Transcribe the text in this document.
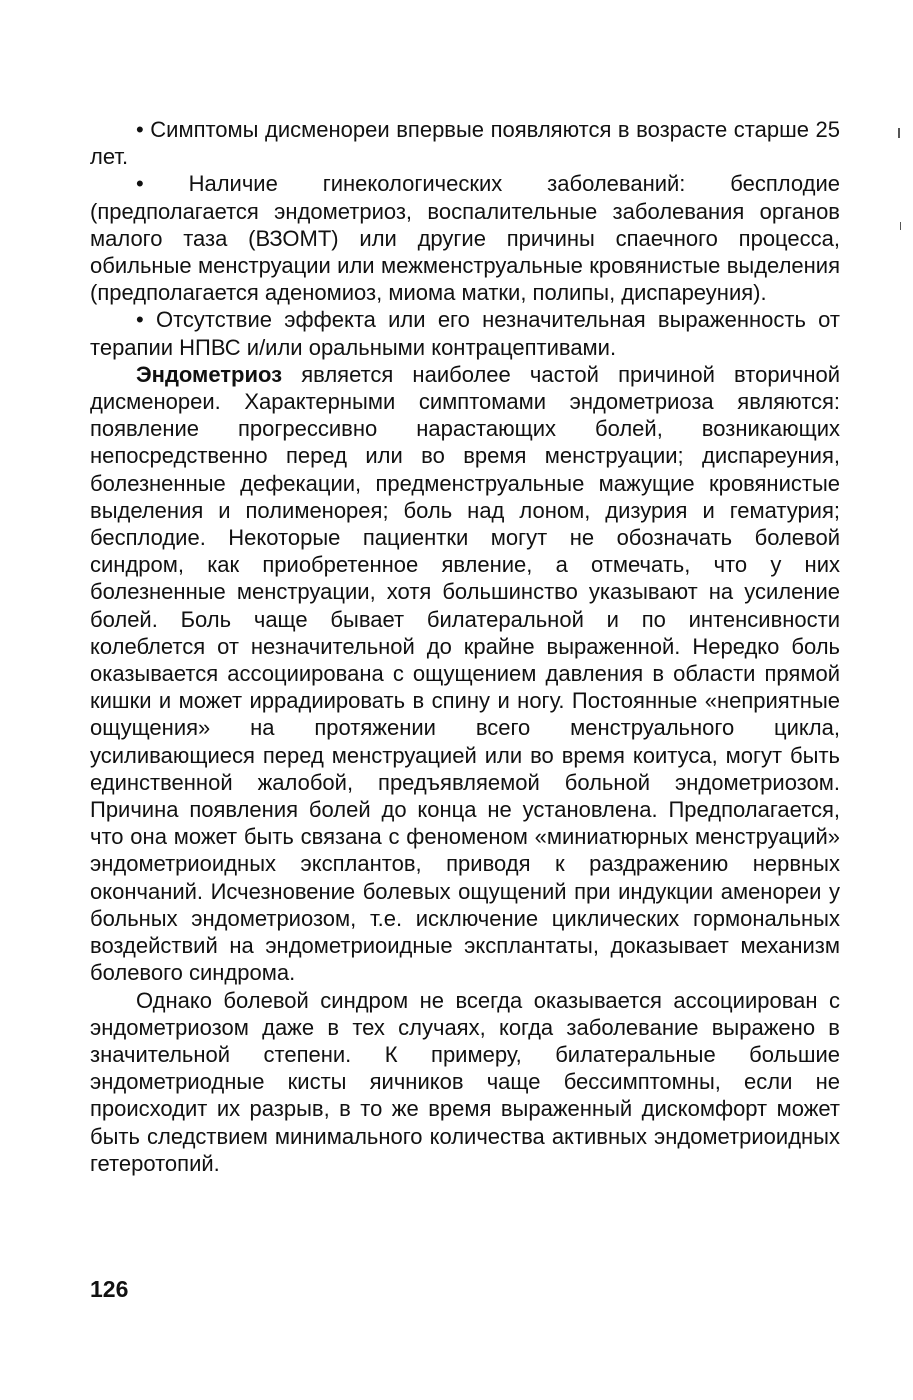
• Симптомы дисменореи впервые появляются в возрасте старше 25 лет.

• Наличие гинекологических заболеваний: бесплодие (предполагается эндометриоз, воспалительные заболевания органов малого таза (ВЗОМТ) или другие причины спаечного процесса, обильные менструации или межменструальные кровянистые выделения (предполагается аденомиоз, миома матки, полипы, диспареуния).

• Отсутствие эффекта или его незначительная выраженность от терапии НПВС и/или оральными контрацептивами.

Эндометриоз является наиболее частой причиной вторичной дисменореи. Характерными симптомами эндометриоза являются: появление прогрессивно нарастающих болей, возникающих непосредственно перед или во время менструации; диспареуния, болезненные дефекации, предменструальные мажущие кровянистые выделения и полименорея; боль над лоном, дизурия и гематурия; бесплодие. Некоторые пациентки могут не обозначать болевой синдром, как приобретенное явление, а отмечать, что у них болезненные менструации, хотя большинство указывают на усиление болей. Боль чаще бывает билатеральной и по интенсивности колеблется от незначительной до крайне выраженной. Нередко боль оказывается ассоциирована с ощущением давления в области прямой кишки и может иррадиировать в спину и ногу. Постоянные «неприятные ощущения» на протяжении всего менструального цикла, усиливающиеся перед менструацией или во время коитуса, могут быть единственной жалобой, предъявляемой больной эндометриозом. Причина появления болей до конца не установлена. Предполагается, что она может быть связана с феноменом «миниатюрных менструаций» эндометриоидных эксплантов, приводя к раздражению нервных окончаний. Исчезновение болевых ощущений при индукции аменореи у больных эндометриозом, т.е. исключение циклических гормональных воздействий на эндометриоидные эксплантаты, доказывает механизм болевого синдрома.

Однако болевой синдром не всегда оказывается ассоциирован с эндометриозом даже в тех случаях, когда заболевание выражено в значительной степени. К примеру, билатеральные большие эндометриодные кисты яичников чаще бессимптомны, если не происходит их разрыв, в то же время выраженный дискомфорт может быть следствием минимального количества активных эндометриоидных гетеротопий.

126
